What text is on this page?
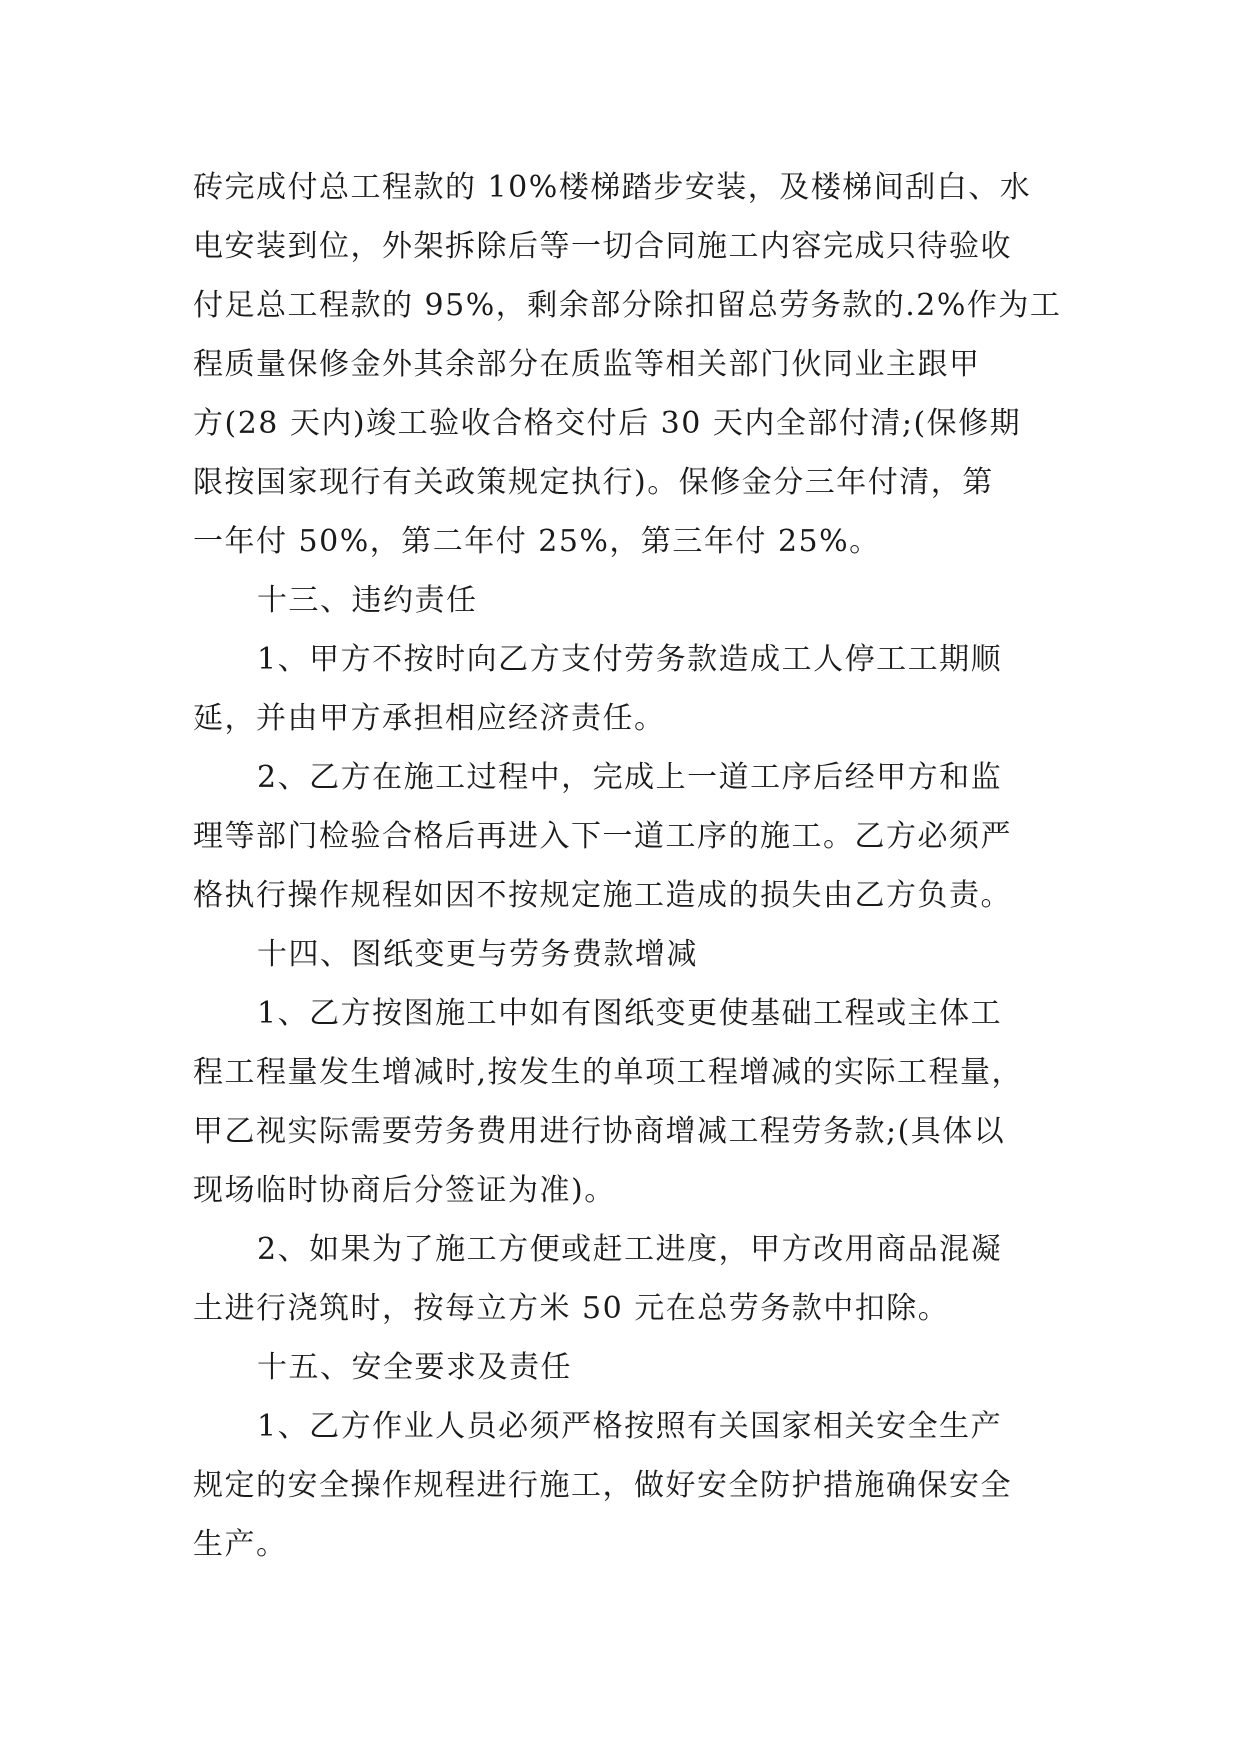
砖完成付总工程款的 10%楼梯踏步安装，及楼梯间刮白、水
电安装到位，外架拆除后等一切合同施工内容完成只待验收
付足总工程款的 95%，剩余部分除扣留总劳务款的.2%作为工
程质量保修金外其余部分在质监等相关部门伙同业主跟甲
方(28 天内)竣工验收合格交付后 30 天内全部付清;(保修期
限按国家现行有关政策规定执行)。保修金分三年付清，第
一年付 50%，第二年付 25%，第三年付 25%。
十三、违约责任
1、甲方不按时向乙方支付劳务款造成工人停工工期顺
延，并由甲方承担相应经济责任。
2、乙方在施工过程中，完成上一道工序后经甲方和监
理等部门检验合格后再进入下一道工序的施工。乙方必须严
格执行操作规程如因不按规定施工造成的损失由乙方负责。
十四、图纸变更与劳务费款增减
1、乙方按图施工中如有图纸变更使基础工程或主体工
程工程量发生增减时,按发生的单项工程增减的实际工程量，
甲乙视实际需要劳务费用进行协商增减工程劳务款;(具体以
现场临时协商后分签证为准)。
2、如果为了施工方便或赶工进度，甲方改用商品混凝
土进行浇筑时，按每立方米 50 元在总劳务款中扣除。
十五、安全要求及责任
1、乙方作业人员必须严格按照有关国家相关安全生产
规定的安全操作规程进行施工，做好安全防护措施确保安全
生产。
